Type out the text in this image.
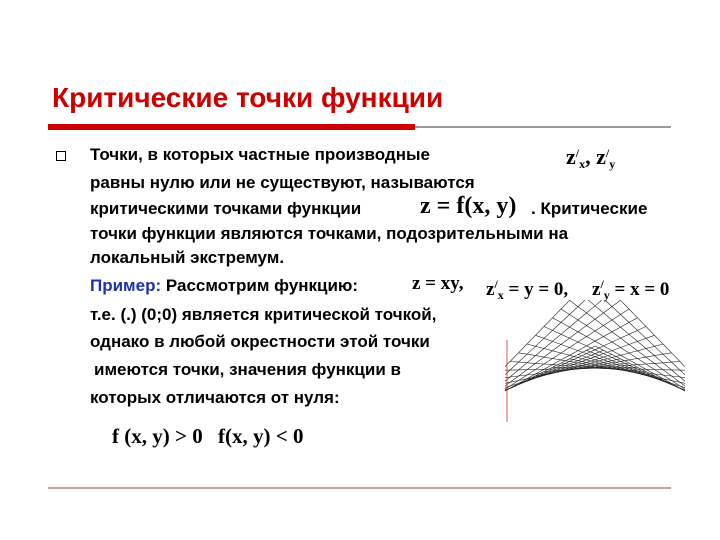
Критические точки функции
Точки, в которых частные производные	$z^/_x$, $z^/_y$
равны нулю или не существуют, называются
критическими точками функции z = f(x, y) . Критические
точки функции являются точками, подозрительными на
локальный экстремум.
Пример: Рассмотрим функцию:	z = xy, $z^/_x = y = 0$, $z^/_y = x = 0$
т.е. (.) (0;0) является критической точкой,
однако в любой окрестности этой точки
имеются точки, значения функции в
которых отличаются от нуля:
f (x, y) > 0 f(x, y) < 0
